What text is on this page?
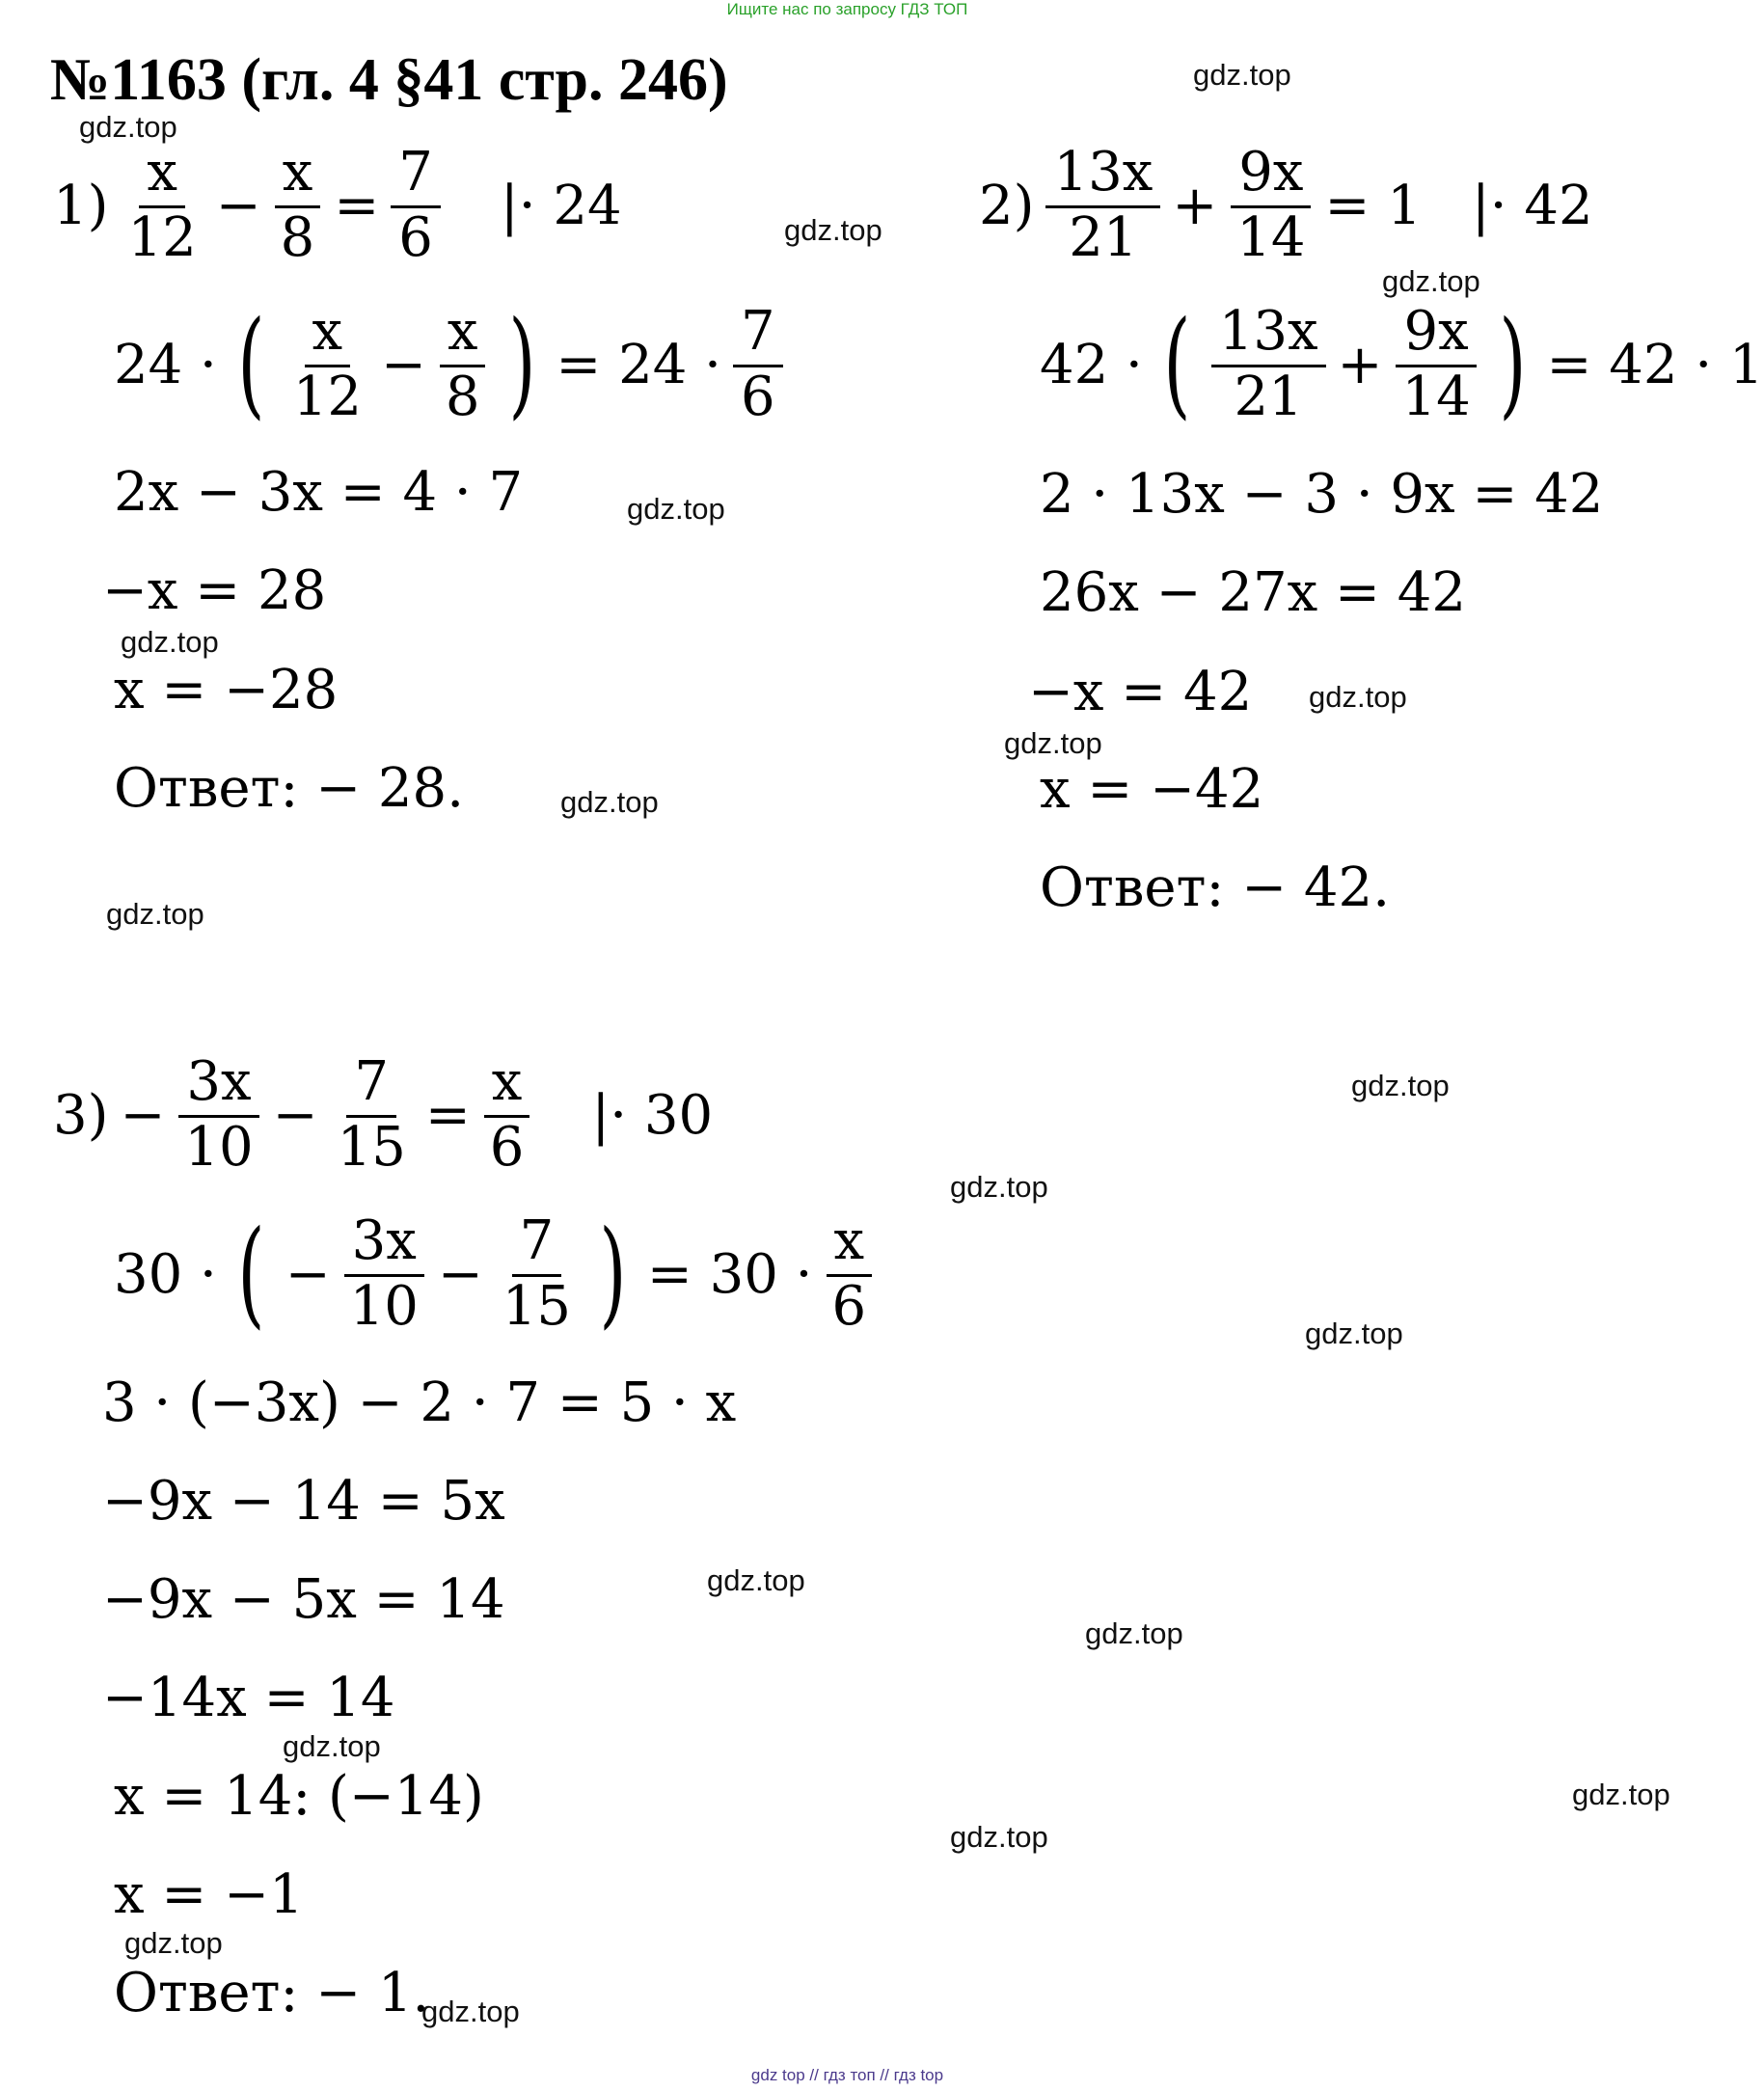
Ищите нас по запросу ГДЗ ТОП
№1163 (гл. 4 §41 стр. 246)
$1) \frac{x}{12} - \frac{x}{8} = \frac{7}{6}$ |· 24
24 · ( $\frac{x}{12} - \frac{x}{8}$ ) = $24 \cdot \frac{7}{6}$
2x − 3x = 4 · 7
−x = 28
x = −28
Ответ: − 28.
$2) \frac{13x}{21} + \frac{9x}{14} = 1$ |· 42
42 · ( $\frac{13x}{21} + \frac{9x}{14}$ ) = 42 · 1
2 · 13x − 3 · 9x = 42
26x − 27x = 42
−x = 42
x = −42
Ответ: − 42.
$3) - \frac{3x}{10} - \frac{7}{15} = \frac{x}{6}$ |· 30
30 · ( − $\frac{3x}{10} - \frac{7}{15}$ ) = $30 \cdot \frac{x}{6}$
3 · (−3x) − 2 · 7 = 5 · x
−9x − 14 = 5x
−9x − 5x = 14
−14x = 14
x = 14: (−14)
x = −1
Ответ: − 1.
gdz.top
gdz.top
gdz.top
gdz.top
gdz.top
gdz.top
gdz.top
gdz.top
gdz.top
gdz.top
gdz.top
gdz.top
gdz.top
gdz.top
gdz.top
gdz.top
gdz.top
gdz.top
gdz.top
gdz.top
gdz top // гдз топ // гдз top
